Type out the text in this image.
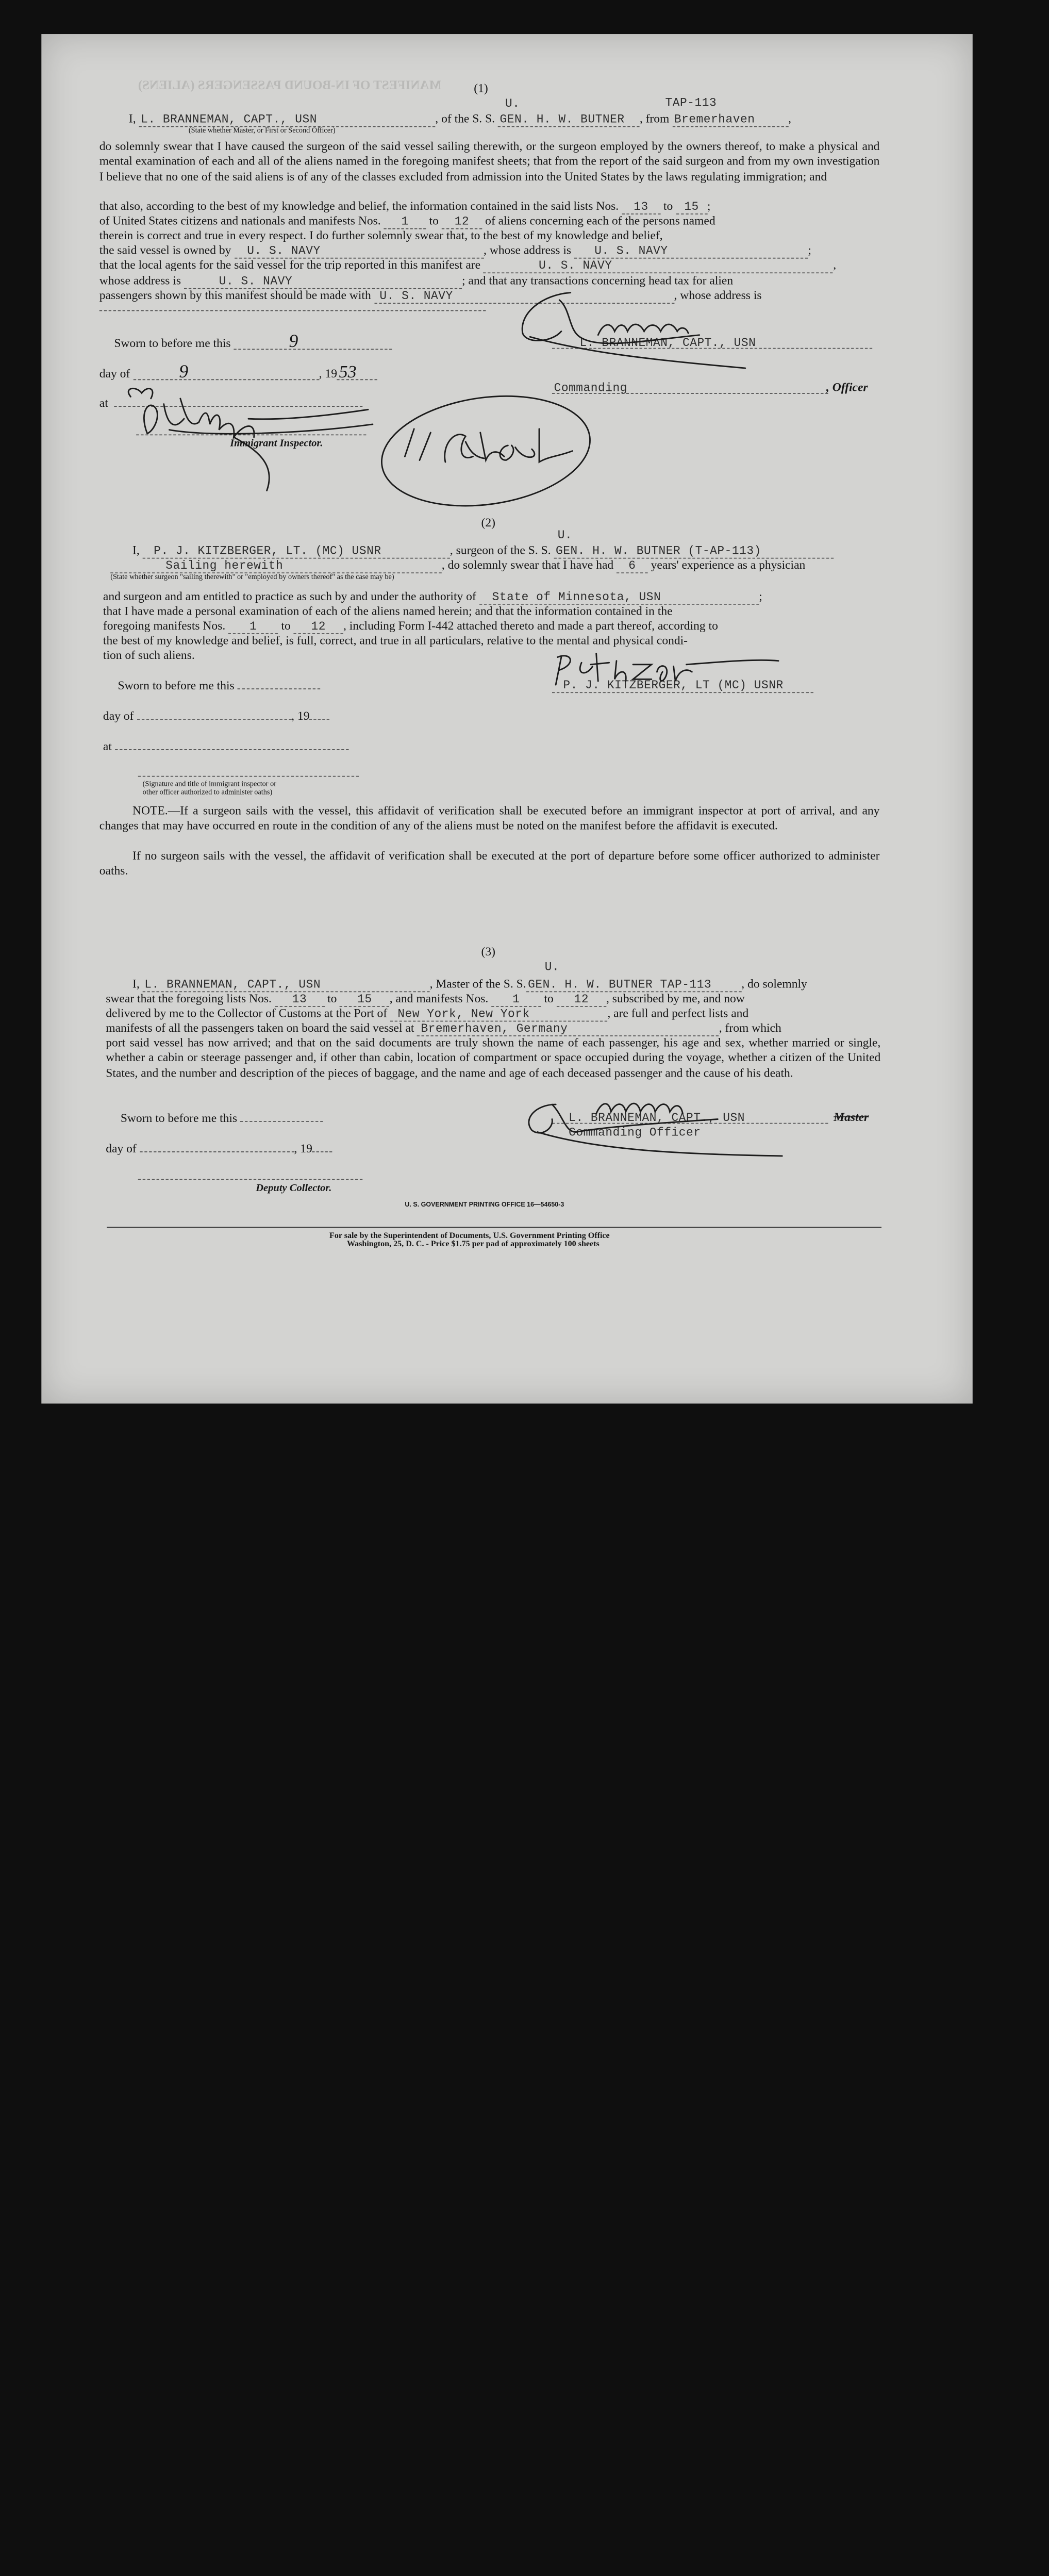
MANIFEST OF IN-BOUND PASSENGERS (ALIENS)	(1)
U.	TAP-113
I, L. BRANNEMAN, CAPT., USN	, of the S. S. GEN. H. W. BUTNER , from Bremerhaven	,
(State whether Master, or First or Second Officer)
do solemnly swear that I have caused the surgeon of the said vessel sailing therewith, or the surgeon employed by the owners thereof, to make a physical and mental examination of each and all of the aliens named in the foregoing manifest sheets; that from the report of the said surgeon and from my own investigation I believe that no one of the said aliens is of any of the classes excluded from admission into the United States by the laws regulating immigration; and
that also, according to the best of my knowledge and belief, the information contained in the said lists Nos. 13 to 15 ;
of United States citizens and nationals and manifests Nos.	1	to 12 of aliens concerning each of the persons named
therein is correct and true in every respect. I do further solemnly swear that, to the best of my knowledge and belief,
the said vessel is owned by U. S. NAVY	, whose address is	U. S. NAVY	;
that the local agents for the said vessel for the trip reported in this manifest are	U. S. NAVY	,
whose address is	U. S. NAVY	; and that any transactions concerning head tax for alien
passengers shown by this manifest should be made with U. S. NAVY	, whose address is
Sworn to before me this	9
day of	9	, 19 53
at
Immigrant Inspector.
L. BRANNEMAN, CAPT., USN
Commanding	, Officer
(2)
U.
I, P. J. KITZBERGER, LT. (MC) USNR	, surgeon of the S. S. GEN. H. W. BUTNER (T-AP-113)
Sailing herewith	, do solemnly swear that I have had 6 years' experience as a physician
(State whether surgeon "sailing therewith" or "employed by owners thereof" as the case may be)
and surgeon and am entitled to practice as such by and under the authority of State of Minnesota, USN	;
that I have made a personal examination of each of the aliens named herein; and that the information contained in the
foregoing manifests Nos.	1	to	12	, including Form I-442 attached thereto and made a part thereof, according to
the best of my knowledge and belief, is full, correct, and true in all particulars, relative to the mental and physical condi-
tion of such aliens.
Sworn to before me this
day of	, 19
at
(Signature and title of immigrant inspector or
other officer authorized to administer oaths)
P. J. KITZBERGER, LT (MC) USNR
NOTE.—If a surgeon sails with the vessel, this affidavit of verification shall be executed before an immigrant inspector at port of arrival, and any changes that may have occurred en route in the condition of any of the aliens must be noted on the manifest before the affidavit is executed.
If no surgeon sails with the vessel, the affidavit of verification shall be executed at the port of departure before some officer authorized to administer oaths.
(3)
U.
I, L. BRANNEMAN, CAPT., USN	, Master of the S. S. GEN. H. W. BUTNER TAP-113	, do solemnly
swear that the foregoing lists Nos.	13	to	15	, and manifests Nos.	1	to	12	, subscribed by me, and now
delivered by me to the Collector of Customs at the Port of New York, New York	, are full and perfect lists and
manifests of all the passengers taken on board the said vessel at Bremerhaven, Germany	, from which
port said vessel has now arrived; and that on the said documents are truly shown the name of each passenger, his age and sex, whether married or single, whether a cabin or steerage passenger and, if other than cabin, location of compartment or space occupied during the voyage, whether a citizen of the United States, and the number and description of the pieces of baggage, and the name and age of each deceased passenger and the cause of his death.
Sworn to before me this
day of	, 19
Deputy Collector.
L. BRANNEMAN, CAPT., USN	Master
Commanding Officer
U. S. GOVERNMENT PRINTING OFFICE 16—54650-3
For sale by the Superintendent of Documents, U.S. Government Printing Office
Washington, 25, D. C. - Price $1.75 per pad of approximately 100 sheets
